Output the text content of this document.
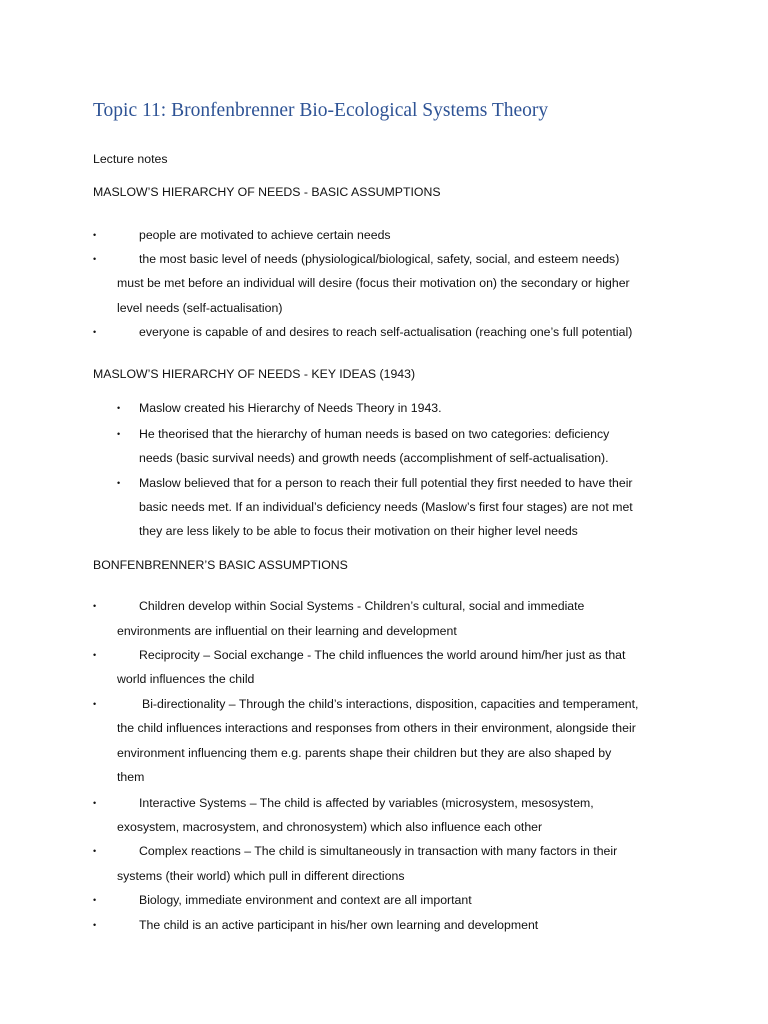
Topic 11: Bronfenbrenner Bio-Ecological Systems Theory
Lecture notes
MASLOW’S HIERARCHY OF NEEDS - BASIC ASSUMPTIONS
•	people are motivated to achieve certain needs
•	the most basic level of needs (physiological/biological, safety, social, and esteem needs)
must be met before an individual will desire (focus their motivation on) the secondary or higher
level needs (self-actualisation)
•	everyone is capable of and desires to reach self-actualisation (reaching one’s full potential)
MASLOW’S HIERARCHY OF NEEDS - KEY IDEAS (1943)
• Maslow created his Hierarchy of Needs Theory in 1943.
• He theorised that the hierarchy of human needs is based on two categories: deficiency
needs (basic survival needs) and growth needs (accomplishment of self-actualisation).
• Maslow believed that for a person to reach their full potential they first needed to have their
basic needs met. If an individual’s deficiency needs (Maslow’s first four stages) are not met
they are less likely to be able to focus their motivation on their higher level needs
BONFENBRENNER’S BASIC ASSUMPTIONS
•	Children develop within Social Systems - Children’s cultural, social and immediate
environments are influential on their learning and development
•	Reciprocity – Social exchange - The child influences the world around him/her just as that
world influences the child
•	Bi-directionality – Through the child’s interactions, disposition, capacities and temperament,
the child influences interactions and responses from others in their environment, alongside their
environment influencing them e.g. parents shape their children but they are also shaped by
them
•	Interactive Systems – The child is affected by variables (microsystem, mesosystem,
exosystem, macrosystem, and chronosystem) which also influence each other
•	Complex reactions – The child is simultaneously in transaction with many factors in their
systems (their world) which pull in different directions
•	Biology, immediate environment and context are all important
•	The child is an active participant in his/her own learning and development
